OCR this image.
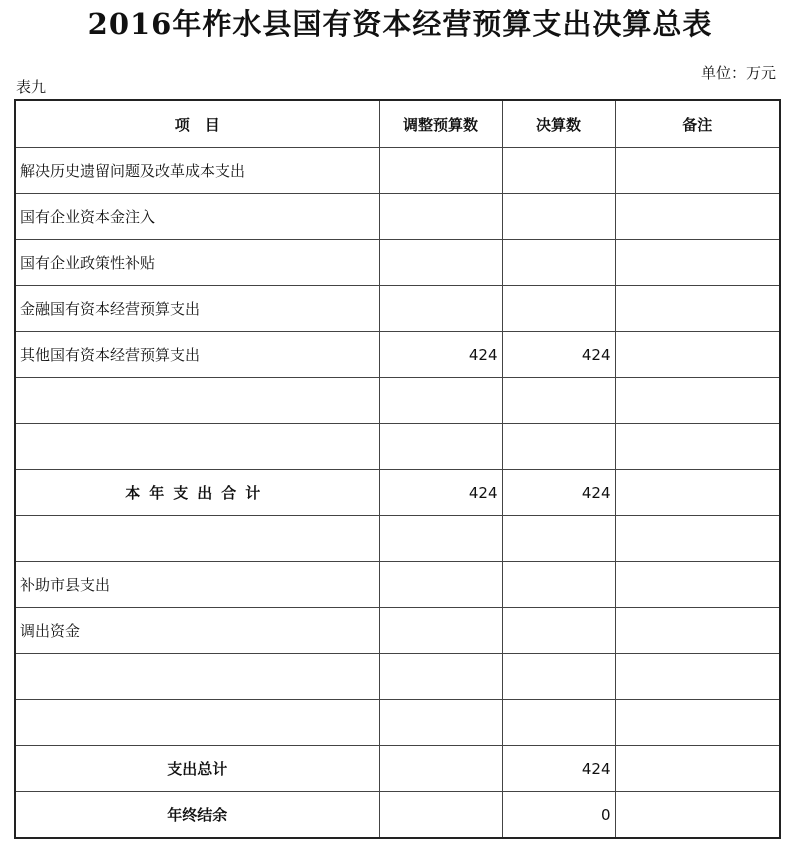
2016年柞水县国有资本经营预算支出决算总表
单位：万元
表九
项　目	调整预算数	决算数	备注
解决历史遗留问题及改革成本支出			
国有企业资本金注入			
国有企业政策性补贴			
金融国有资本经营预算支出			
其他国有资本经营预算支出	424	424	

本年支出合计	424	424	

补助市县支出			
调出资金			

支出总计		424	
年终结余		0	
